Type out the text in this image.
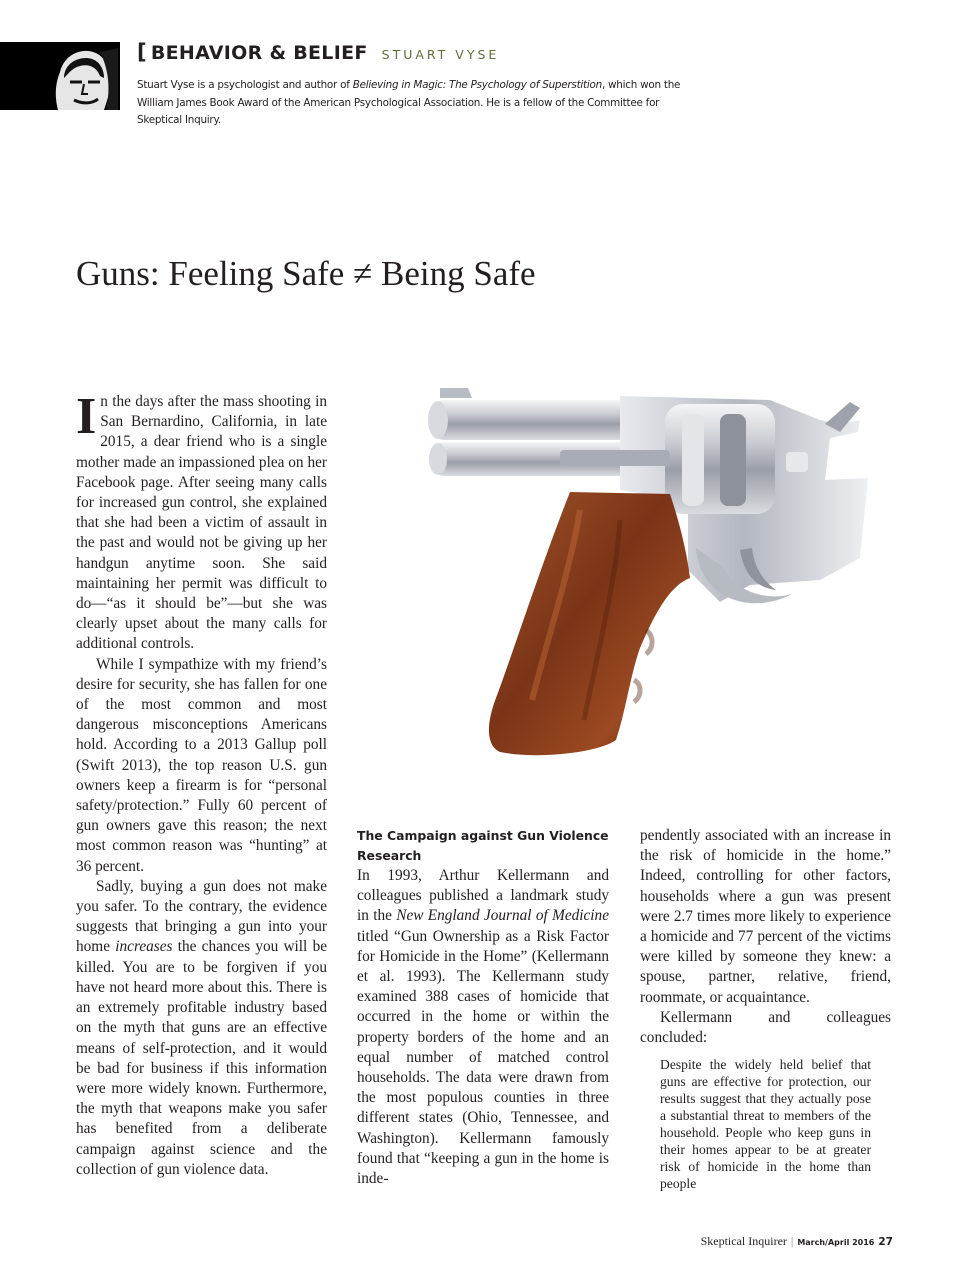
[ BEHAVIOR & BELIEF STUART VYSE
Stuart Vyse is a psychologist and author of Believing in Magic: The Psychology of Superstition, which won the William James Book Award of the American Psychological Association. He is a fellow of the Committee for Skeptical Inquiry.
Guns: Feeling Safe ≠ Being Safe

In the days after the mass shooting in San Bernardino, California, in late 2015, a dear friend who is a single mother made an impassioned plea on her Facebook page. After seeing many calls for increased gun control, she explained that she had been a victim of assault in the past and would not be giving up her handgun anytime soon. She said maintaining her permit was difficult to do—“as it should be”—but she was clearly upset about the many calls for additional controls.

While I sympathize with my friend’s desire for security, she has fallen for one of the most common and most dangerous misconceptions Americans hold. According to a 2013 Gallup poll (Swift 2013), the top reason U.S. gun owners keep a firearm is for “personal safety/protection.” Fully 60 percent of gun owners gave this reason; the next most common reason was “hunting” at 36 percent.

Sadly, buying a gun does not make you safer. To the contrary, the evidence suggests that bringing a gun into your home increases the chances you will be killed. You are to be forgiven if you have not heard more about this. There is an extremely profitable industry based on the myth that guns are an effective means of self-protection, and it would be bad for business if this information were more widely known. Furthermore, the myth that weapons make you safer has benefited from a deliberate campaign against science and the collection of gun violence data.

The Campaign against Gun Violence Research

In 1993, Arthur Kellermann and colleagues published a landmark study in the New England Journal of Medicine titled “Gun Ownership as a Risk Factor for Homicide in the Home” (Kellermann et al. 1993). The Kellermann study examined 388 cases of homicide that occurred in the home or within the property borders of the home and an equal number of matched control households. The data were drawn from the most populous counties in three different states (Ohio, Tennessee, and Washington). Kellermann famously found that “keeping a gun in the home is inde-

pendently associated with an increase in the risk of homicide in the home.” Indeed, controlling for other factors, households where a gun was present were 2.7 times more likely to experience a homicide and 77 percent of the victims were killed by someone they knew: a spouse, partner, relative, friend, roommate, or acquaintance.

Kellermann and colleagues concluded:

Despite the widely held belief that guns are effective for protection, our results suggest that they actually pose a substantial threat to members of the household. People who keep guns in their homes appear to be at greater risk of homicide in the home than people
Skeptical Inquirer | March/April 2016 27
